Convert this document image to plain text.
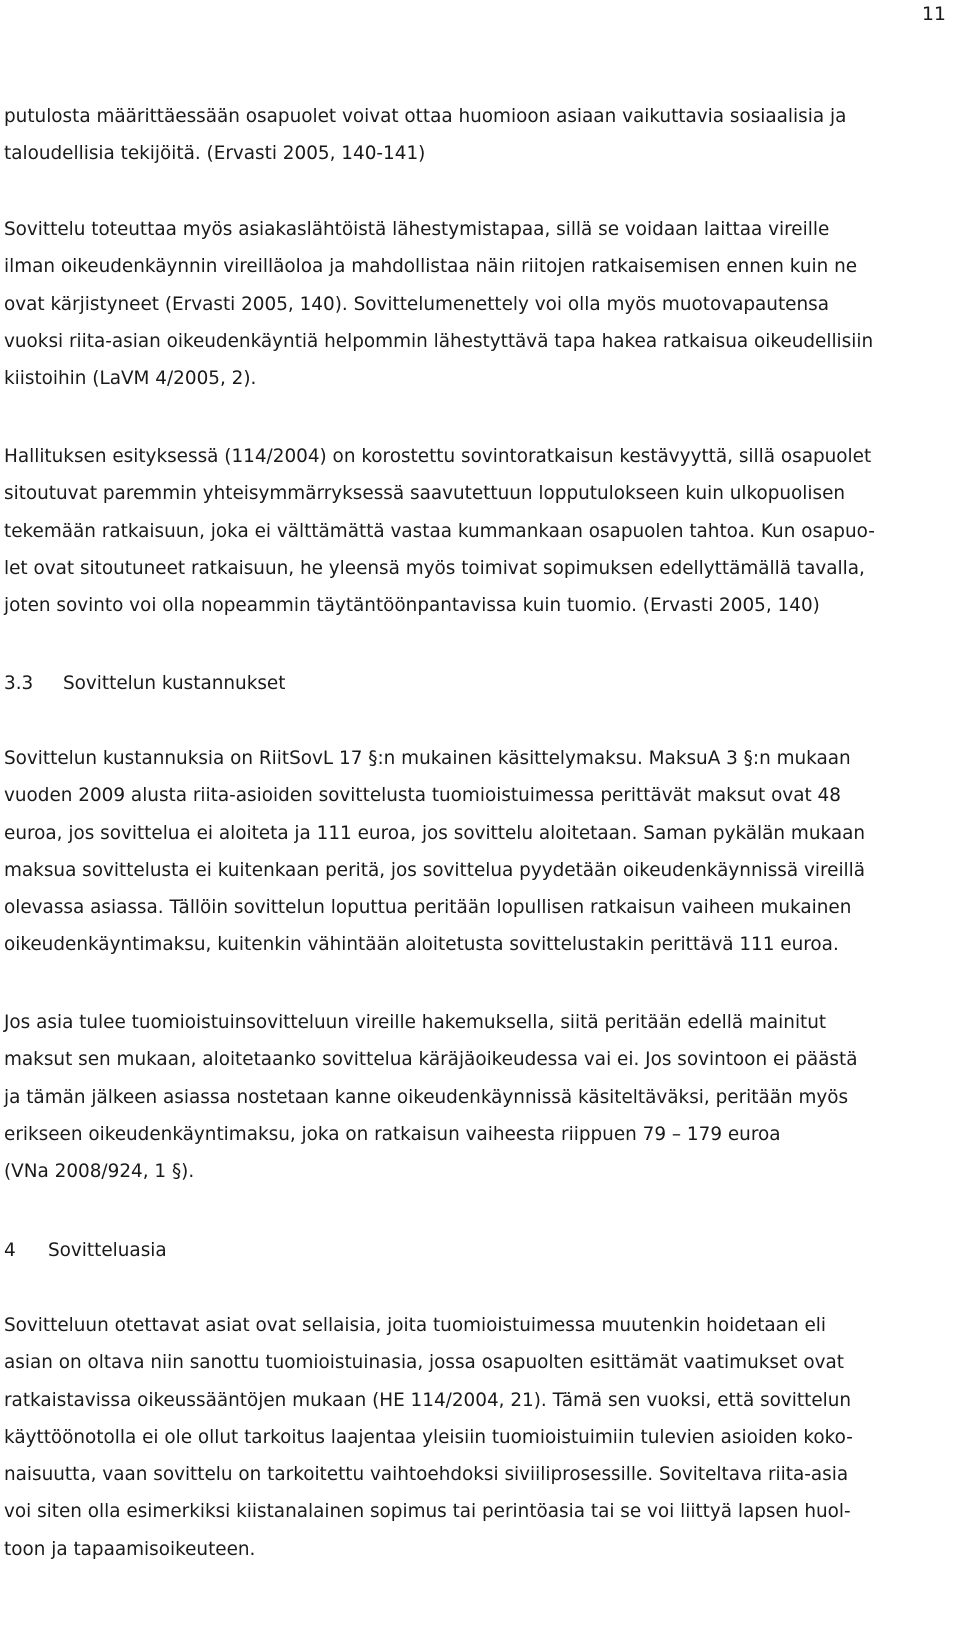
11
putulosta määrittäessään osapuolet voivat ottaa huomioon asiaan vaikuttavia sosiaalisia ja
taloudellisia tekijöitä. (Ervasti 2005, 140-141)
Sovittelu toteuttaa myös asiakaslähtöistä lähestymistapaa, sillä se voidaan laittaa vireille
ilman oikeudenkäynnin vireilläoloa ja mahdollistaa näin riitojen ratkaisemisen ennen kuin ne
ovat kärjistyneet (Ervasti 2005, 140). Sovittelumenettely voi olla myös muotovapautensa
vuoksi riita-asian oikeudenkäyntiä helpommin lähestyttävä tapa hakea ratkaisua oikeudellisiin
kiistoihin (LaVM 4/2005, 2).
Hallituksen esityksessä (114/2004) on korostettu sovintoratkaisun kestävyyttä, sillä osapuolet
sitoutuvat paremmin yhteisymmärryksessä saavutettuun lopputulokseen kuin ulkopuolisen
tekemään ratkaisuun, joka ei välttämättä vastaa kummankaan osapuolen tahtoa. Kun osapuo-
let ovat sitoutuneet ratkaisuun, he yleensä myös toimivat sopimuksen edellyttämällä tavalla,
joten sovinto voi olla nopeammin täytäntöönpantavissa kuin tuomio. (Ervasti 2005, 140)
3.3 Sovittelun kustannukset
Sovittelun kustannuksia on RiitSovL 17 §:n mukainen käsittelymaksu. MaksuA 3 §:n mukaan
vuoden 2009 alusta riita-asioiden sovittelusta tuomioistuimessa perittävät maksut ovat 48
euroa, jos sovittelua ei aloiteta ja 111 euroa, jos sovittelu aloitetaan. Saman pykälän mukaan
maksua sovittelusta ei kuitenkaan peritä, jos sovittelua pyydetään oikeudenkäynnissä vireillä
olevassa asiassa. Tällöin sovittelun loputtua peritään lopullisen ratkaisun vaiheen mukainen
oikeudenkäyntimaksu, kuitenkin vähintään aloitetusta sovittelustakin perittävä 111 euroa.
Jos asia tulee tuomioistuinsovitteluun vireille hakemuksella, siitä peritään edellä mainitut
maksut sen mukaan, aloitetaanko sovittelua käräjäoikeudessa vai ei. Jos sovintoon ei päästä
ja tämän jälkeen asiassa nostetaan kanne oikeudenkäynnissä käsiteltäväksi, peritään myös
erikseen oikeudenkäyntimaksu, joka on ratkaisun vaiheesta riippuen 79 – 179 euroa
(VNa 2008/924, 1 §).
4 Sovitteluasia
Sovitteluun otettavat asiat ovat sellaisia, joita tuomioistuimessa muutenkin hoidetaan eli
asian on oltava niin sanottu tuomioistuinasia, jossa osapuolten esittämät vaatimukset ovat
ratkaistavissa oikeussääntöjen mukaan (HE 114/2004, 21). Tämä sen vuoksi, että sovittelun
käyttöönotolla ei ole ollut tarkoitus laajentaa yleisiin tuomioistuimiin tulevien asioiden koko-
naisuutta, vaan sovittelu on tarkoitettu vaihtoehdoksi siviiliprosessille. Soviteltava riita-asia
voi siten olla esimerkiksi kiistanalainen sopimus tai perintöasia tai se voi liittyä lapsen huol-
toon ja tapaamisoikeuteen.
